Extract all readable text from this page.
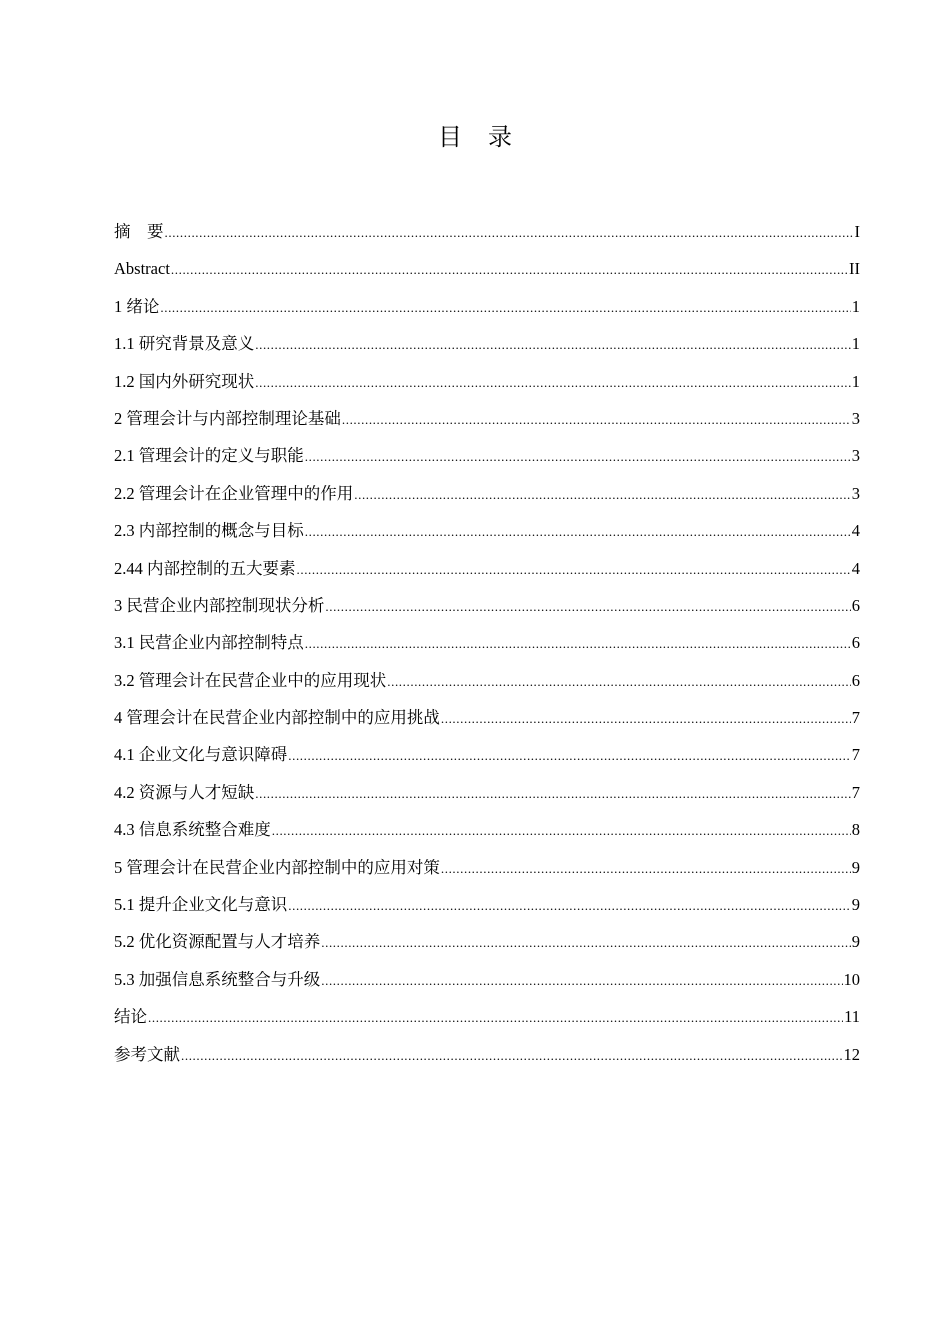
目 录
摘　要 .....	I
Abstract .....	II
1 绪论 .....	1
1.1 研究背景及意义 .....	1
1.2 国内外研究现状 .....	1
2 管理会计与内部控制理论基础 .....	3
2.1 管理会计的定义与职能 .....	3
2.2 管理会计在企业管理中的作用 .....	3
2.3 内部控制的概念与目标 .....	4
2.44 内部控制的五大要素 .....	4
3 民营企业内部控制现状分析 .....	6
3.1 民营企业内部控制特点 .....	6
3.2 管理会计在民营企业中的应用现状 .....	6
4 管理会计在民营企业内部控制中的应用挑战 .....	7
4.1 企业文化与意识障碍 .....	7
4.2 资源与人才短缺 .....	7
4.3 信息系统整合难度 .....	8
5 管理会计在民营企业内部控制中的应用对策 .....	9
5.1 提升企业文化与意识 .....	9
5.2 优化资源配置与人才培养 .....	9
5.3 加强信息系统整合与升级 .....	10
结论 .....	11
参考文献 .....	12
